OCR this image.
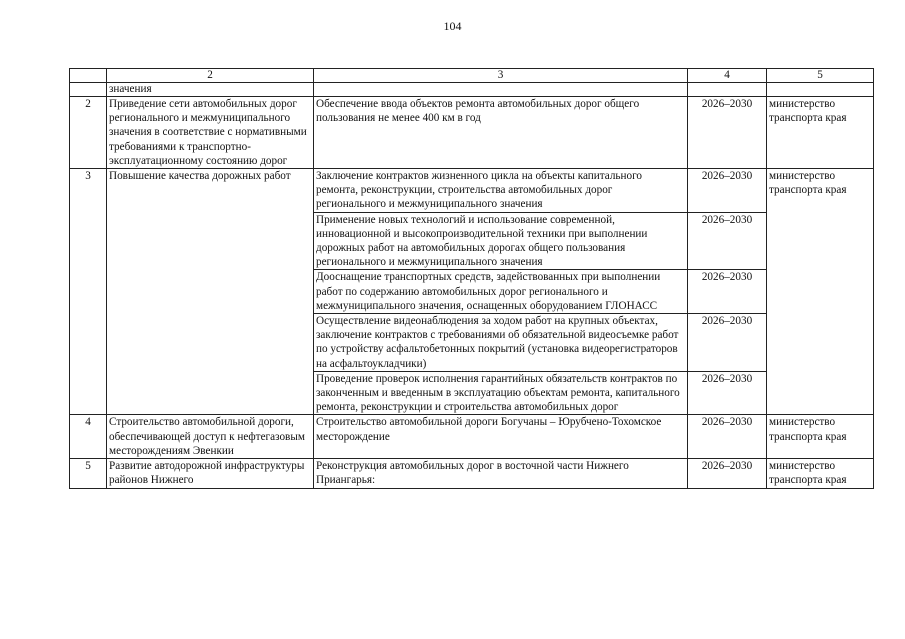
104
	2	3	4	5
	значения			
2	Приведение сети автомобильных дорог регионального и межмуниципального значения в соответствие с нормативными требованиями к транспортно-эксплуатационному состоянию дорог	Обеспечение ввода объектов ремонта автомобильных дорог общего пользования не менее 400 км в год	2026–2030	министерство транспорта края
3	Повышение качества дорожных работ	Заключение контрактов жизненного цикла на объекты капитального ремонта, реконструкции, строительства автомобильных дорог регионального и межмуниципального значения	2026–2030	министерство транспорта края
		Применение новых технологий и использование современной, инновационной и высокопроизводительной техники при выполнении дорожных работ на автомобильных дорогах общего пользования регионального и межмуниципального значения	2026–2030	
		Дооснащение транспортных средств, задействованных при выполнении работ по содержанию автомобильных дорог регионального и межмуниципального значения, оснащенных оборудованием ГЛОНАСС	2026–2030	
		Осуществление видеонаблюдения за ходом работ на крупных объектах, заключение контрактов с требованиями об обязательной видеосъемке работ по устройству асфальтобетонных покрытий (установка видеорегистраторов на асфальтоукладчики)	2026–2030	
		Проведение проверок исполнения гарантийных обязательств контрактов по законченным и введенным в эксплуатацию объектам ремонта, капитального ремонта, реконструкции и строительства автомобильных дорог	2026–2030	
4	Строительство автомобильной дороги, обеспечивающей доступ к нефтегазовым месторождениям Эвенкии	Строительство автомобильной дороги Богучаны – Юрубчено-Тохомское месторождение	2026–2030	министерство транспорта края

5	Развитие автодорожной инфраструктуры районов Нижнего	Реконструкция автомобильных дорог в восточной части Нижнего Приангарья:	2026–2030	министерство транспорта края
